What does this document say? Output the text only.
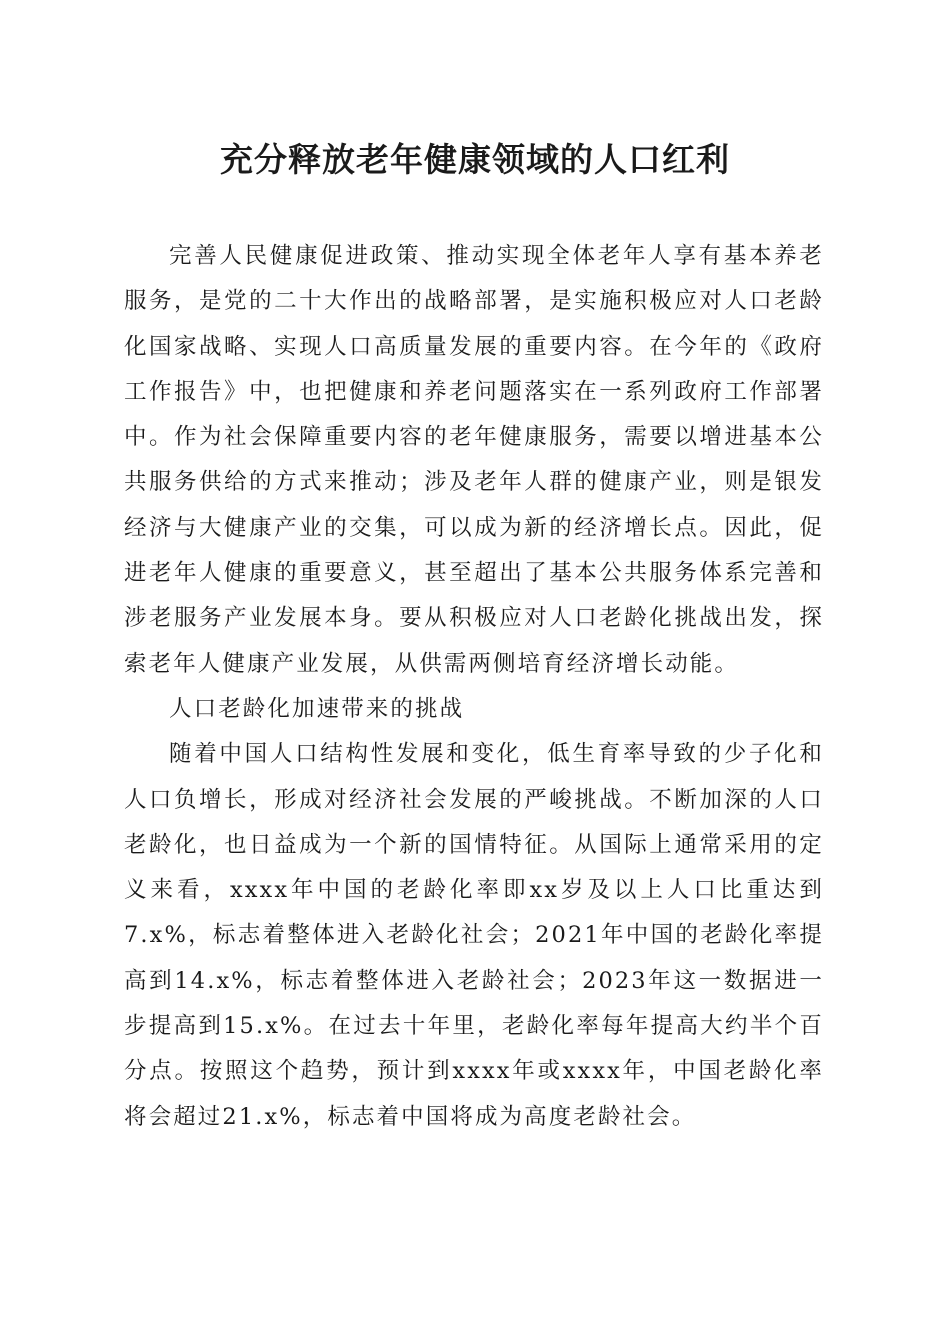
充分释放老年健康领域的人口红利

完善人民健康促进政策、推动实现全体老年人享有基本养老服务，是党的二十大作出的战略部署，是实施积极应对人口老龄化国家战略、实现人口高质量发展的重要内容。在今年的《政府工作报告》中，也把健康和养老问题落实在一系列政府工作部署中。作为社会保障重要内容的老年健康服务，需要以增进基本公共服务供给的方式来推动；涉及老年人群的健康产业，则是银发经济与大健康产业的交集，可以成为新的经济增长点。因此，促进老年人健康的重要意义，甚至超出了基本公共服务体系完善和涉老服务产业发展本身。要从积极应对人口老龄化挑战出发，探索老年人健康产业发展，从供需两侧培育经济增长动能。

人口老龄化加速带来的挑战

随着中国人口结构性发展和变化，低生育率导致的少子化和人口负增长，形成对经济社会发展的严峻挑战。不断加深的人口老龄化，也日益成为一个新的国情特征。从国际上通常采用的定义来看，xxxx年中国的老龄化率即xx岁及以上人口比重达到7.x%，标志着整体进入老龄化社会；2021年中国的老龄化率提高到14.x%，标志着整体进入老龄社会；2023年这一数据进一步提高到15.x%。在过去十年里，老龄化率每年提高大约半个百分点。按照这个趋势，预计到xxxx年或xxxx年，中国老龄化率将会超过21.x%，标志着中国将成为高度老龄社会。
